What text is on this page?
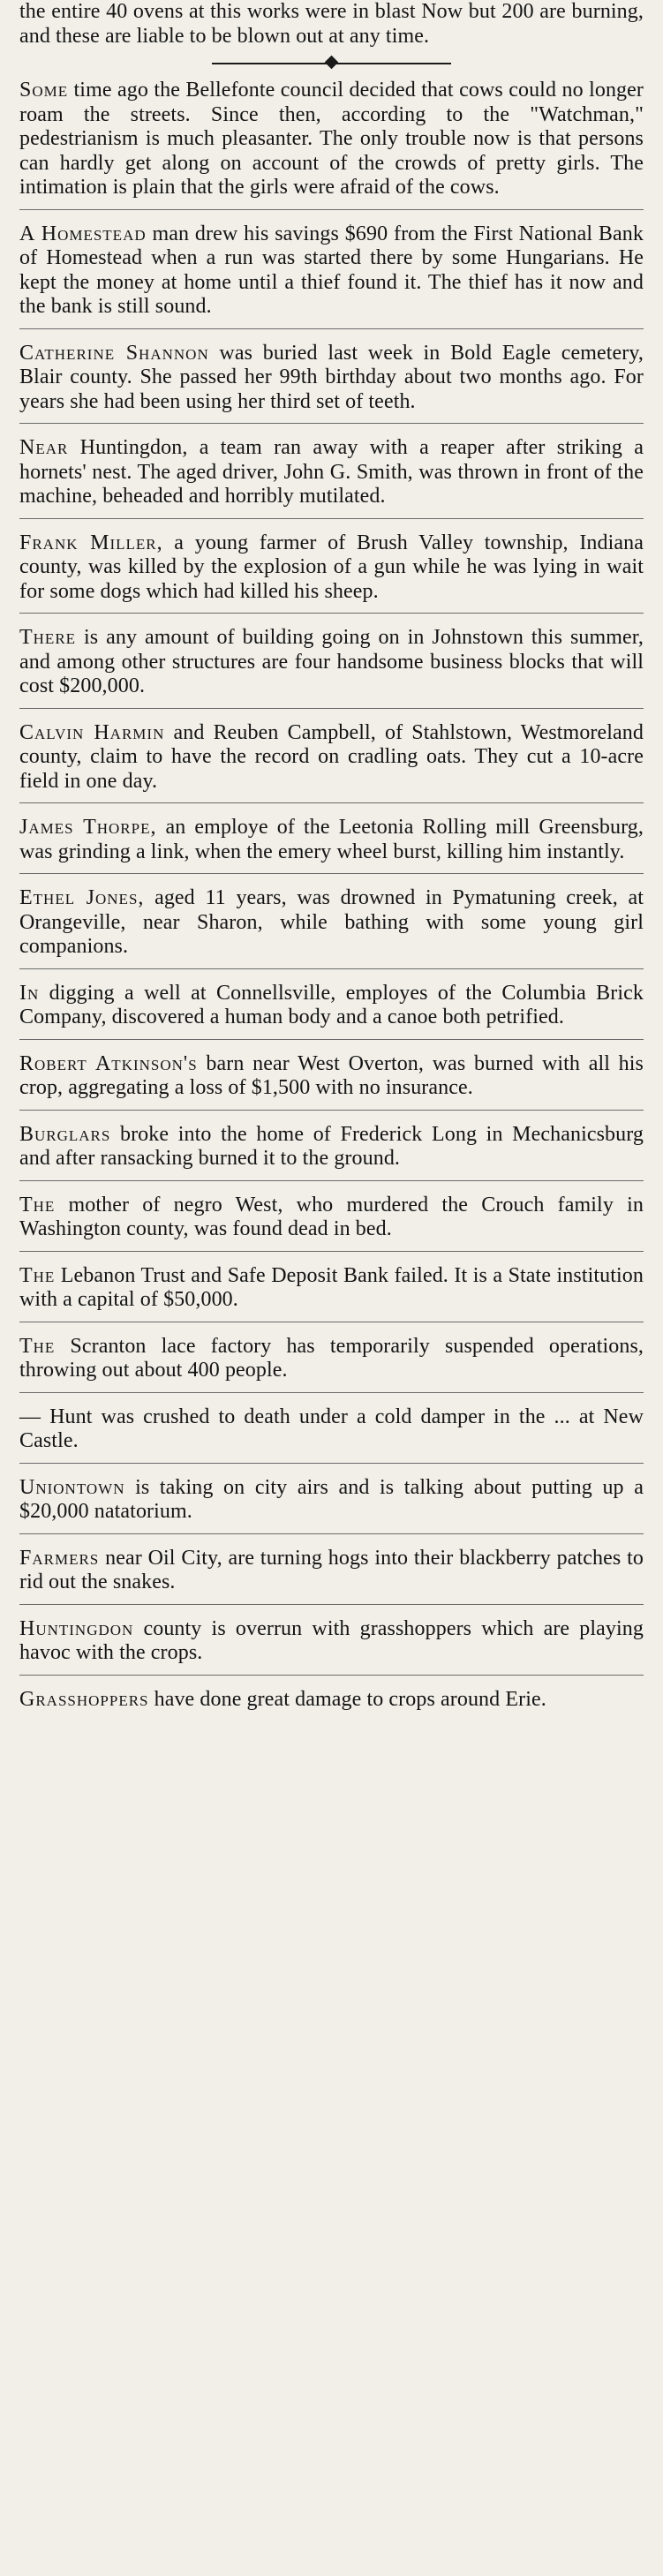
the entire 40 ovens at this works were in blast Now but 200 are burning, and these are liable to be blown out at any time.

Some time ago the Bellefonte council decided that cows could no longer roam the streets. Since then, according to the "Watchman," pedestrianism is much pleasanter. The only trouble now is that persons can hardly get along on account of the crowds of pretty girls. The intimation is plain that the girls were afraid of the cows.

A Homestead man drew his savings $690 from the First National Bank of Homestead when a run was started there by some Hungarians. He kept the money at home until a thief found it. The thief has it now and the bank is still sound.

Catherine Shannon was buried last week in Bold Eagle cemetery, Blair county. She passed her 99th birthday about two months ago. For years she had been using her third set of teeth.

Near Huntingdon, a team ran away with a reaper after striking a hornets' nest. The aged driver, John G. Smith, was thrown in front of the machine, beheaded and horribly mutilated.

Frank Miller, a young farmer of Brush Valley township, Indiana county, was killed by the explosion of a gun while he was lying in wait for some dogs which had killed his sheep.

There is any amount of building going on in Johnstown this summer, and among other structures are four handsome business blocks that will cost $200,000.

Calvin Harmin and Reuben Campbell, of Stahlstown, Westmoreland county, claim to have the record on cradling oats. They cut a 10-acre field in one day.

James Thorpe, an employe of the Leetonia Rolling mill Greensburg, was grinding a link, when the emery wheel burst, killing him instantly.

Ethel Jones, aged 11 years, was drowned in Pymatuning creek, at Orangeville, near Sharon, while bathing with some young girl companions.

In digging a well at Connellsville, employes of the Columbia Brick Company, discovered a human body and a canoe both petrified.

Robert Atkinson's barn near West Overton, was burned with all his crop, aggregating a loss of $1,500 with no insurance.

Burglars broke into the home of Frederick Long in Mechanicsburg and after ransacking burned it to the ground.

The mother of negro West, who murdered the Crouch family in Washington county, was found dead in bed.

The Lebanon Trust and Safe Deposit Bank failed. It is a State institution with a capital of $50,000.

The Scranton lace factory has temporarily suspended operations, throwing out about 400 people.

— Hunt was crushed to death under a cold damper in the ... at New Castle.

Uniontown is taking on city airs and is talking about putting up a $20,000 natatorium.

Farmers near Oil City, are turning hogs into their blackberry patches to rid out the snakes.

Huntingdon county is overrun with grasshoppers which are playing havoc with the crops.

Grasshoppers have done great damage to crops around Erie.
